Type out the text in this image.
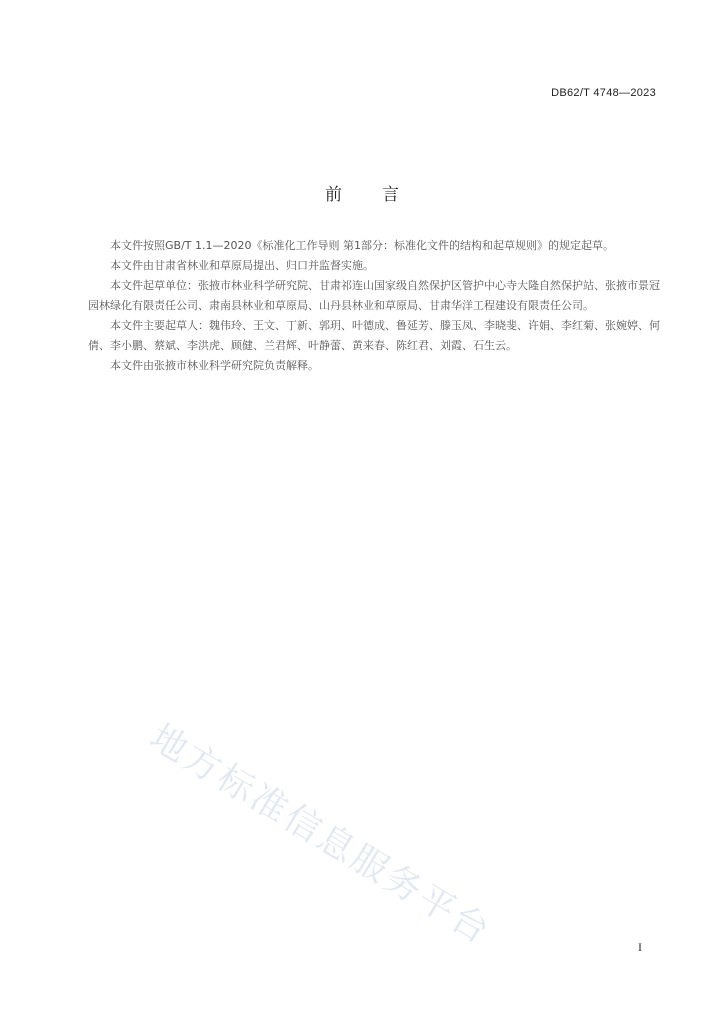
DB62/T 4748—2023
前言

本文件按照GB/T 1.1—2020《标准化工作导则 第1部分：标准化文件的结构和起草规则》的规定起草。

本文件由甘肃省林业和草原局提出、归口并监督实施。

本文件起草单位：张掖市林业科学研究院、甘肃祁连山国家级自然保护区管护中心寺大隆自然保护站、张掖市景冠园林绿化有限责任公司、肃南县林业和草原局、山丹县林业和草原局、甘肃华洋工程建设有限责任公司。

本文件主要起草人：魏伟玲、王文、丁新、郭玥、叶德成、鲁延芳、滕玉凤、李晓斐、许娟、李红菊、张婉婷、何倩、李小鹏、蔡斌、李洪虎、顾健、兰君辉、叶静蕾、黄来春、陈红君、刘霞、石生云。

本文件由张掖市林业科学研究院负责解释。

地方标准信息服务平台	I
